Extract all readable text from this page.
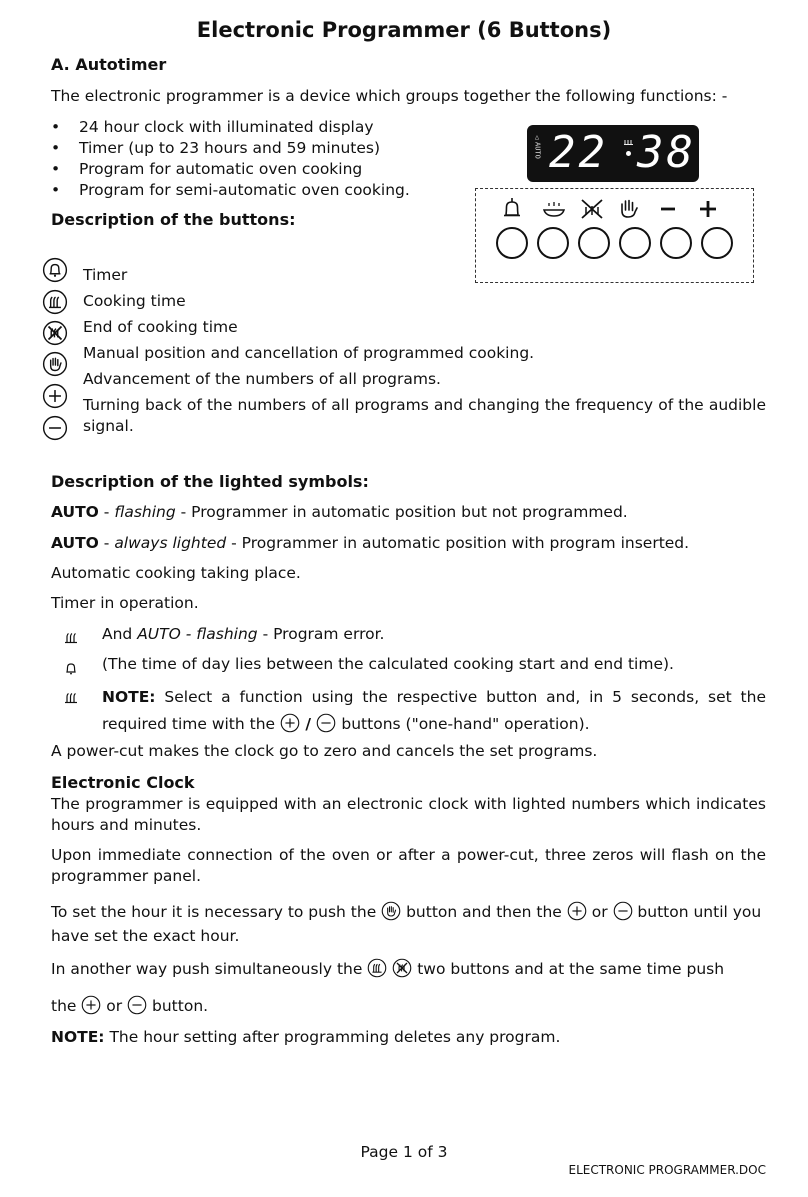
Electronic Programmer (6 Buttons)
A. Autotimer
The electronic programmer is a device which groups together the following functions: -
• 24 hour clock with illuminated display
• Timer (up to 23 hours and 59 minutes)
• Program for automatic oven cooking
• Program for semi-automatic oven cooking.
△
AUTO 22 38
Description of the buttons:
Timer
Cooking time
End of cooking time
Manual position and cancellation of programmed cooking.
Advancement of the numbers of all programs.
Turning back of the numbers of all programs and changing the frequency of the audible signal.
Description of the lighted symbols:
AUTO - flashing - Programmer in automatic position but not programmed.
AUTO - always lighted - Programmer in automatic position with program inserted.
Automatic cooking taking place.
Timer in operation.
And AUTO - flashing - Program error.
(The time of day lies between the calculated cooking start and end time).
NOTE: Select a function using the respective button and, in 5 seconds, set the required time with the
/
buttons ("one-hand" operation).
A power-cut makes the clock go to zero and cancels the set programs.
Electronic Clock
The programmer is equipped with an electronic clock with lighted numbers which indicates hours and minutes.
Upon immediate connection of the oven or after a power-cut, three zeros will flash on the programmer panel.
To set the hour it is necessary to push the
button and then the
or
button until you have set the exact hour.
In another way push simultaneously the
	two buttons and at the same time push
the
or
button.
NOTE: The hour setting after programming deletes any program.
Page 1 of 3
ELECTRONIC PROGRAMMER.DOC
